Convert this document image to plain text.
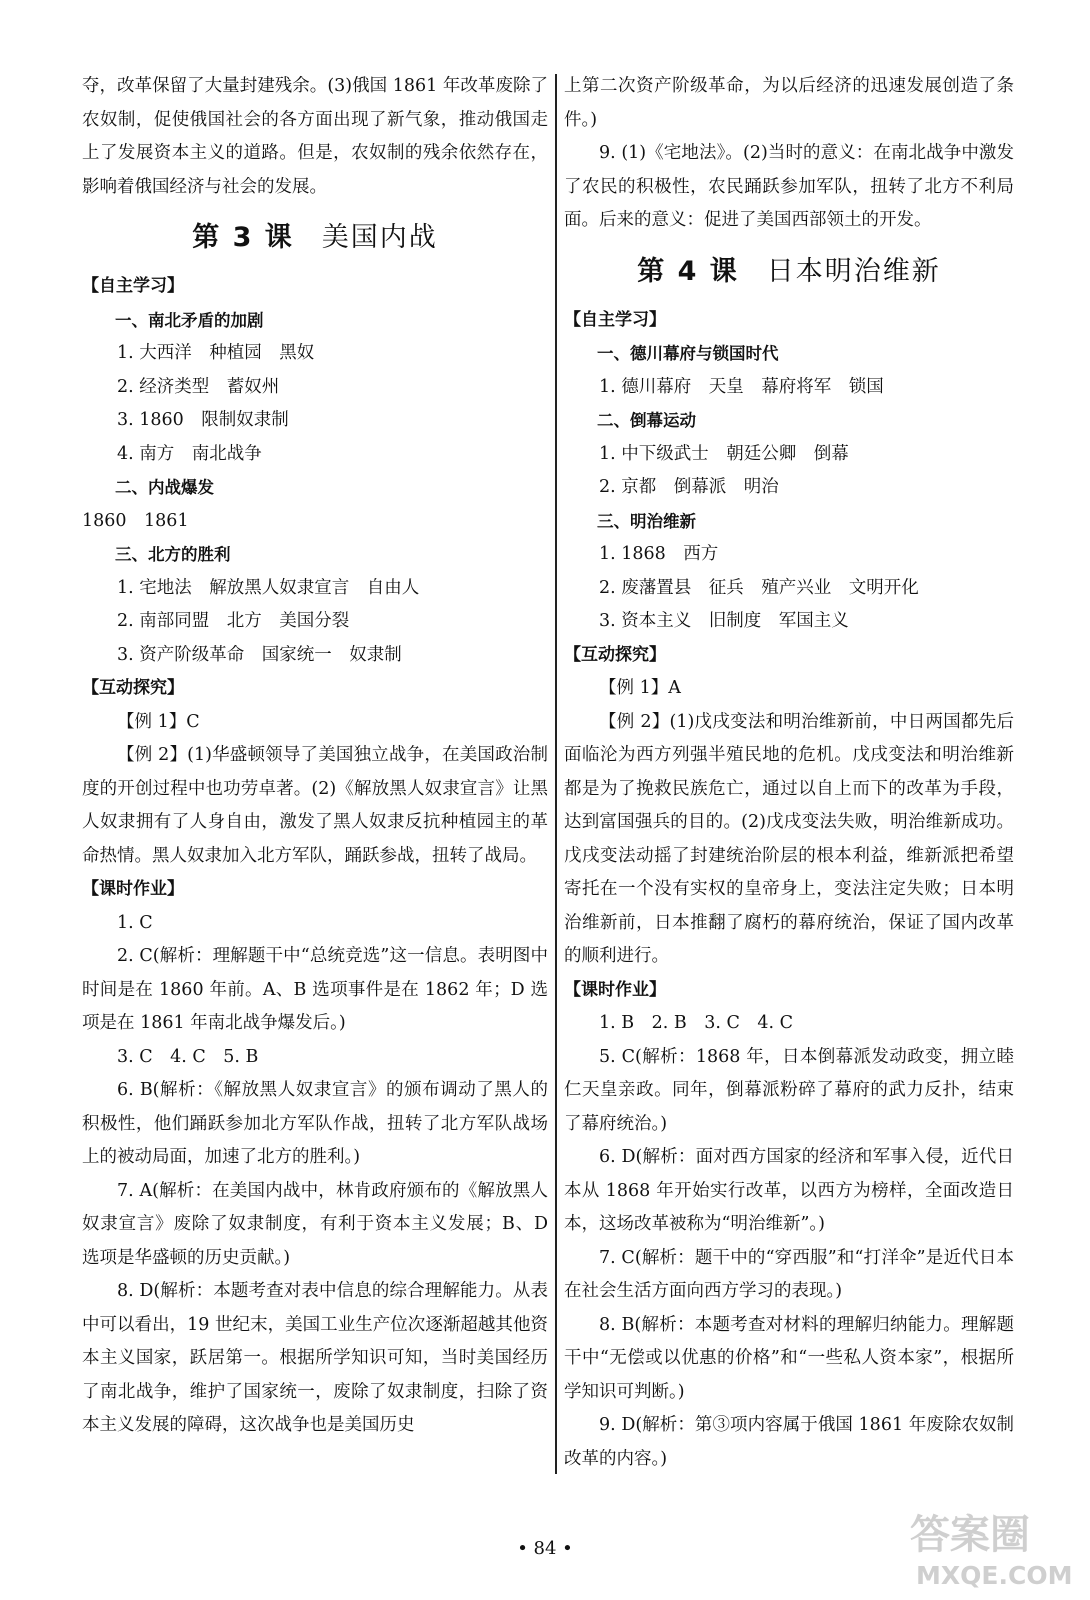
夺，改革保留了大量封建残余。(3)俄国 1861 年改革废除了农奴制，促使俄国社会的各方面出现了新气象，推动俄国走上了发展资本主义的道路。但是，农奴制的残余依然存在，影响着俄国经济与社会的发展。

第 3 课 美国内战

【自主学习】

一、南北矛盾的加剧

1. 大西洋 种植园 黑奴

2. 经济类型 蓄奴州

3. 1860 限制奴隶制

4. 南方 南北战争

二、内战爆发

1860　1861

三、北方的胜利

1. 宅地法 解放黑人奴隶宣言 自由人

2. 南部同盟 北方 美国分裂

3. 资产阶级革命 国家统一 奴隶制

【互动探究】

【例 1】C

【例 2】(1)华盛顿领导了美国独立战争，在美国政治制度的开创过程中也功劳卓著。(2)《解放黑人奴隶宣言》让黑人奴隶拥有了人身自由，激发了黑人奴隶反抗种植园主的革命热情。黑人奴隶加入北方军队，踊跃参战，扭转了战局。

【课时作业】

1. C

2. C(解析：理解题干中“总统竞选”这一信息。表明图中时间是在 1860 年前。A、B 选项事件是在 1862 年；D 选项是在 1861 年南北战争爆发后。)

3. C　4. C　5. B

6. B(解析：《解放黑人奴隶宣言》的颁布调动了黑人的积极性，他们踊跃参加北方军队作战，扭转了北方军队战场上的被动局面，加速了北方的胜利。)

7. A(解析：在美国内战中，林肯政府颁布的《解放黑人奴隶宣言》废除了奴隶制度，有利于资本主义发展；B、D 选项是华盛顿的历史贡献。)

8. D(解析：本题考查对表中信息的综合理解能力。从表中可以看出，19 世纪末，美国工业生产位次逐渐超越其他资本主义国家，跃居第一。根据所学知识可知，当时美国经历了南北战争，维护了国家统一，废除了奴隶制度，扫除了资本主义发展的障碍，这次战争也是美国历史

上第二次资产阶级革命，为以后经济的迅速发展创造了条件。)

9. (1)《宅地法》。(2)当时的意义：在南北战争中激发了农民的积极性，农民踊跃参加军队，扭转了北方不利局面。后来的意义：促进了美国西部领土的开发。

第 4 课 日本明治维新

【自主学习】

一、德川幕府与锁国时代

1. 德川幕府 天皇 幕府将军 锁国

二、倒幕运动

1. 中下级武士 朝廷公卿 倒幕

2. 京都 倒幕派 明治

三、明治维新

1. 1868 西方

2. 废藩置县 征兵 殖产兴业 文明开化

3. 资本主义 旧制度 军国主义

【互动探究】

【例 1】A

【例 2】(1)戊戌变法和明治维新前，中日两国都先后面临沦为西方列强半殖民地的危机。戊戌变法和明治维新都是为了挽救民族危亡，通过以自上而下的改革为手段，达到富国强兵的目的。(2)戊戌变法失败，明治维新成功。戊戌变法动摇了封建统治阶层的根本利益，维新派把希望寄托在一个没有实权的皇帝身上，变法注定失败；日本明治维新前，日本推翻了腐朽的幕府统治，保证了国内改革的顺利进行。

【课时作业】

1. B　2. B　3. C　4. C

5. C(解析：1868 年，日本倒幕派发动政变，拥立睦仁天皇亲政。同年，倒幕派粉碎了幕府的武力反扑，结束了幕府统治。)

6. D(解析：面对西方国家的经济和军事入侵，近代日本从 1868 年开始实行改革，以西方为榜样，全面改造日本，这场改革被称为“明治维新”。)

7. C(解析：题干中的“穿西服”和“打洋伞”是近代日本在社会生活方面向西方学习的表现。)

8. B(解析：本题考查对材料的理解归纳能力。理解题干中“无偿或以优惠的价格”和“一些私人资本家”，根据所学知识可判断。)

9. D(解析：第③项内容属于俄国 1861 年废除农奴制改革的内容。)

• 84 •	答案圈
MXQE.COM
